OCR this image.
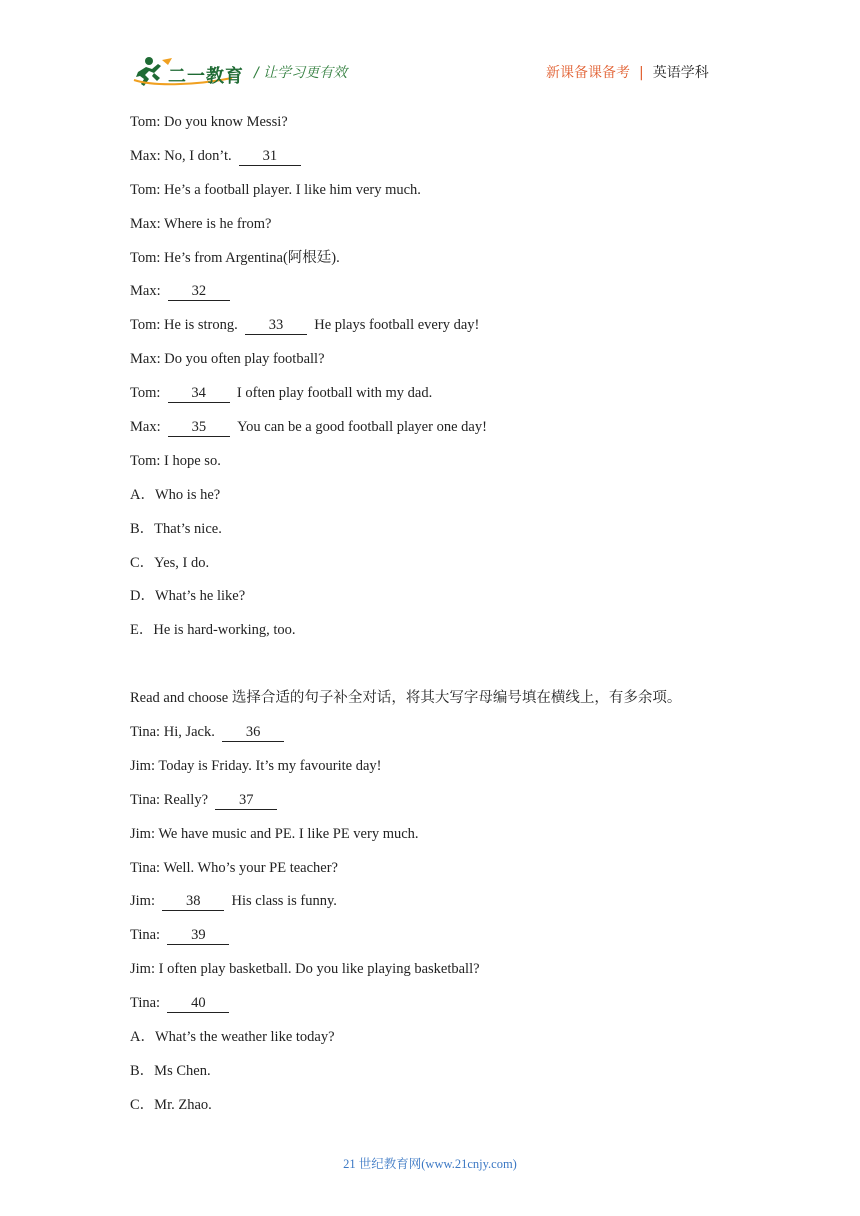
二一教育 / 让学习更有效	新课备课备考 | 英语学科
Tom: Do you know Messi?
Max: No, I don’t. 31
Tom: He’s a football player. I like him very much.
Max: Where is he from?
Tom: He’s from Argentina(阿根廷).
Max: 32
Tom: He is strong. 33 He plays football every day!
Max: Do you often play football?
Tom: 34 I often play football with my dad.
Max: 35 You can be a good football player one day!
Tom: I hope so.
A．Who is he?
B．That’s nice.
C．Yes, I do.
D．What’s he like?
E．He is hard-working, too.
Read and choose 选择合适的句子补全对话，将其大写字母编号填在横线上，有多余项。
Tina: Hi, Jack. 36
Jim: Today is Friday. It’s my favourite day!
Tina: Really? 37
Jim: We have music and PE. I like PE very much.
Tina: Well. Who’s your PE teacher?
Jim: 38 His class is funny.
Tina: 39
Jim: I often play basketball. Do you like playing basketball?
Tina: 40
A．What’s the weather like today?
B．Ms Chen.
C．Mr. Zhao.
21 世纪教育网(www.21cnjy.com)
